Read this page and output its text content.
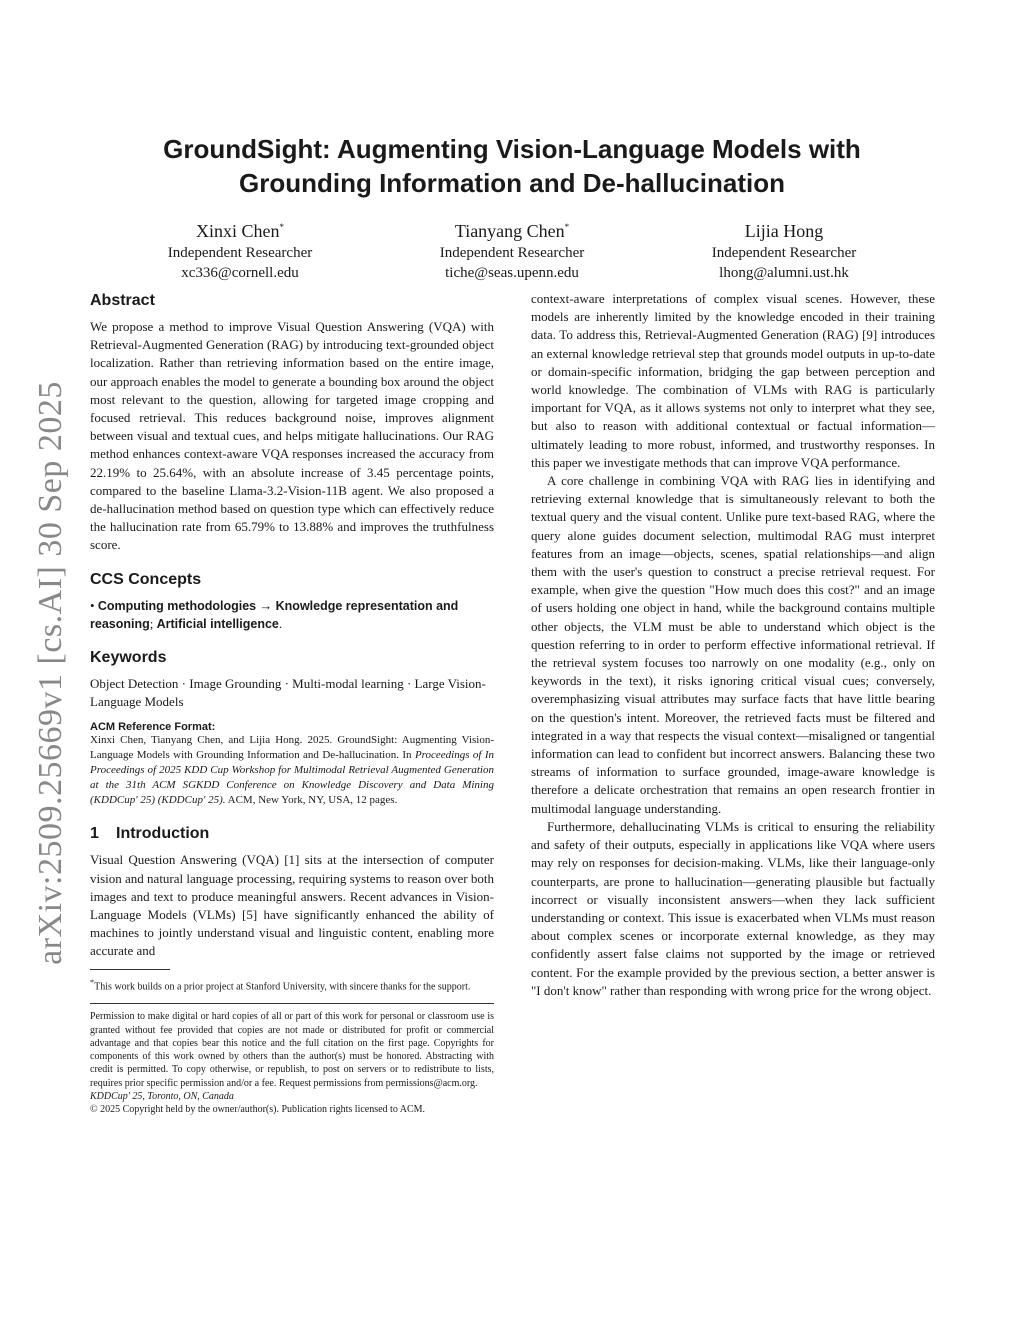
arXiv:2509.25669v1 [cs.AI] 30 Sep 2025
GroundSight: Augmenting Vision-Language Models with
Grounding Information and De-hallucination
Xinxi Chen*
Independent Researcher
xc336@cornell.edu
Tianyang Chen*
Independent Researcher
tiche@seas.upenn.edu
Lijia Hong
Independent Researcher
lhong@alumni.ust.hk
Abstract

We propose a method to improve Visual Question Answering (VQA) with Retrieval-Augmented Generation (RAG) by introducing text-grounded object localization. Rather than retrieving information based on the entire image, our approach enables the model to generate a bounding box around the object most relevant to the question, allowing for targeted image cropping and focused retrieval. This reduces background noise, improves alignment between visual and textual cues, and helps mitigate hallucinations. Our RAG method enhances context-aware VQA responses increased the accuracy from 22.19% to 25.64%, with an absolute increase of 3.45 percentage points, compared to the baseline Llama-3.2-Vision-11B agent. We also proposed a de-hallucination method based on question type which can effectively reduce the hallucination rate from 65.79% to 13.88% and improves the truthfulness score.

CCS Concepts

• Computing methodologies → Knowledge representation and reasoning; Artificial intelligence.

Keywords

Object Detection · Image Grounding · Multi-modal learning · Large Vision-Language Models

ACM Reference Format:

Xinxi Chen, Tianyang Chen, and Lijia Hong. 2025. GroundSight: Augmenting Vision-Language Models with Grounding Information and De-hallucination. In Proceedings of In Proceedings of 2025 KDD Cup Workshop for Multimodal Retrieval Augmented Generation at the 31th ACM SGKDD Conference on Knowledge Discovery and Data Mining (KDDCup' 25) (KDDCup' 25). ACM, New York, NY, USA, 12 pages.

1 Introduction

Visual Question Answering (VQA) [1] sits at the intersection of computer vision and natural language processing, requiring systems to reason over both images and text to produce meaningful answers. Recent advances in Vision-Language Models (VLMs) [5] have significantly enhanced the ability of machines to jointly understand visual and linguistic content, enabling more accurate and

*This work builds on a prior project at Stanford University, with sincere thanks for the support.

Permission to make digital or hard copies of all or part of this work for personal or classroom use is granted without fee provided that copies are not made or distributed for profit or commercial advantage and that copies bear this notice and the full citation on the first page. Copyrights for components of this work owned by others than the author(s) must be honored. Abstracting with credit is permitted. To copy otherwise, or republish, to post on servers or to redistribute to lists, requires prior specific permission and/or a fee. Request permissions from permissions@acm.org.

KDDCup' 25, Toronto, ON, Canada

© 2025 Copyright held by the owner/author(s). Publication rights licensed to ACM.

context-aware interpretations of complex visual scenes. However, these models are inherently limited by the knowledge encoded in their training data. To address this, Retrieval-Augmented Generation (RAG) [9] introduces an external knowledge retrieval step that grounds model outputs in up-to-date or domain-specific information, bridging the gap between perception and world knowledge. The combination of VLMs with RAG is particularly important for VQA, as it allows systems not only to interpret what they see, but also to reason with additional contextual or factual information—ultimately leading to more robust, informed, and trustworthy responses. In this paper we investigate methods that can improve VQA performance.

A core challenge in combining VQA with RAG lies in identifying and retrieving external knowledge that is simultaneously relevant to both the textual query and the visual content. Unlike pure text-based RAG, where the query alone guides document selection, multimodal RAG must interpret features from an image—objects, scenes, spatial relationships—and align them with the user's question to construct a precise retrieval request. For example, when give the question "How much does this cost?" and an image of users holding one object in hand, while the background contains multiple other objects, the VLM must be able to understand which object is the question referring to in order to perform effective informational retrieval. If the retrieval system focuses too narrowly on one modality (e.g., only on keywords in the text), it risks ignoring critical visual cues; conversely, overemphasizing visual attributes may surface facts that have little bearing on the question's intent. Moreover, the retrieved facts must be filtered and integrated in a way that respects the visual context—misaligned or tangential information can lead to confident but incorrect answers. Balancing these two streams of information to surface grounded, image-aware knowledge is therefore a delicate orchestration that remains an open research frontier in multimodal language understanding.

Furthermore, dehallucinating VLMs is critical to ensuring the reliability and safety of their outputs, especially in applications like VQA where users may rely on responses for decision-making. VLMs, like their language-only counterparts, are prone to hallucination—generating plausible but factually incorrect or visually inconsistent answers—when they lack sufficient understanding or context. This issue is exacerbated when VLMs must reason about complex scenes or incorporate external knowledge, as they may confidently assert false claims not supported by the image or retrieved content. For the example provided by the previous section, a better answer is "I don't know" rather than responding with wrong price for the wrong object.
